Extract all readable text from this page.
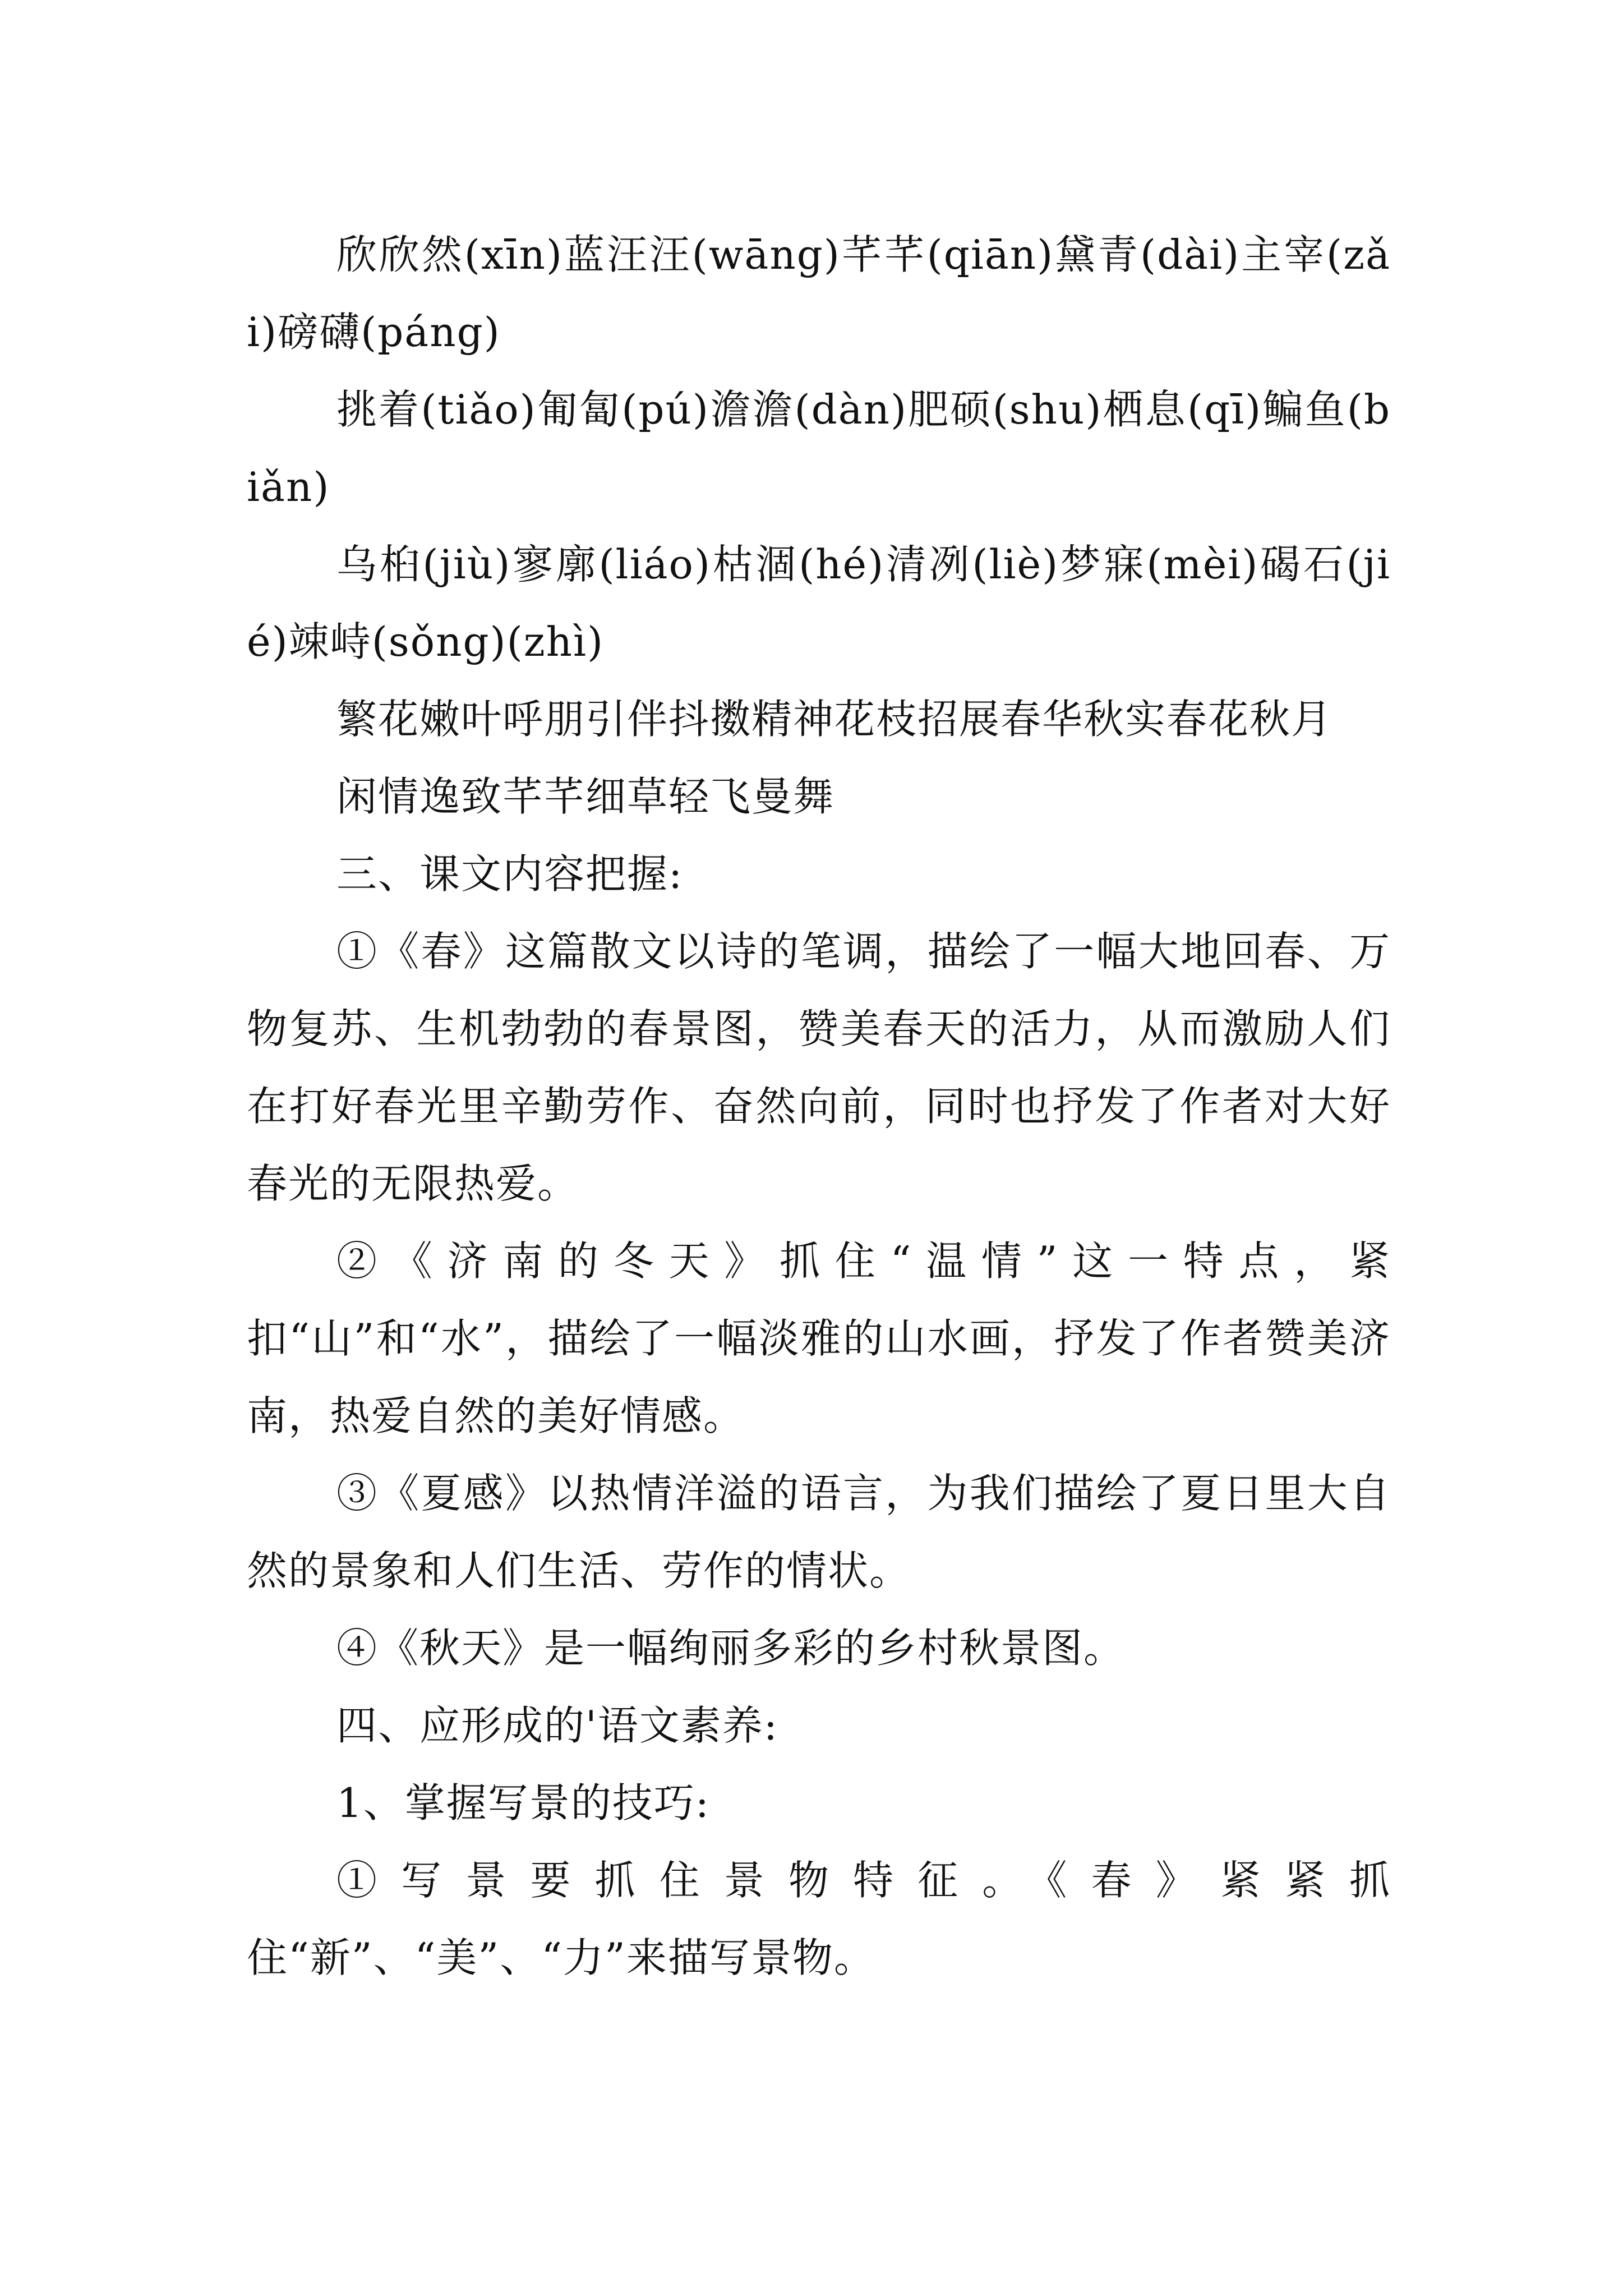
欣欣然(xīn)蓝汪汪(wāng)芊芊(qiān)黛青(dài)主宰(zǎi)磅礴(páng)

挑着(tiǎo)匍匐(pú)澹澹(dàn)肥硕(shu)栖息(qī)鳊鱼(biǎn)

乌桕(jiù)寥廓(liáo)枯涸(hé)清冽(liè)梦寐(mèi)碣石(jié)竦峙(sǒng)(zhì)

繁花嫩叶呼朋引伴抖擞精神花枝招展春华秋实春花秋月

闲情逸致芊芊细草轻飞曼舞

三、课文内容把握:

①《春》这篇散文以诗的笔调，描绘了一幅大地回春、万物复苏、生机勃勃的春景图，赞美春天的活力，从而激励人们在打好春光里辛勤劳作、奋然向前，同时也抒发了作者对大好春光的无限热爱。

②《济南的冬天》抓住“温情”这一特点，紧扣“山”和“水”，描绘了一幅淡雅的山水画，抒发了作者赞美济南，热爱自然的美好情感。

③《夏感》以热情洋溢的语言，为我们描绘了夏日里大自然的景象和人们生活、劳作的情状。

④《秋天》是一幅绚丽多彩的乡村秋景图。

四、应形成的'语文素养:

1、掌握写景的技巧:

①写景要抓住景物特征。《春》紧紧抓住“新”、“美”、“力”来描写景物。
